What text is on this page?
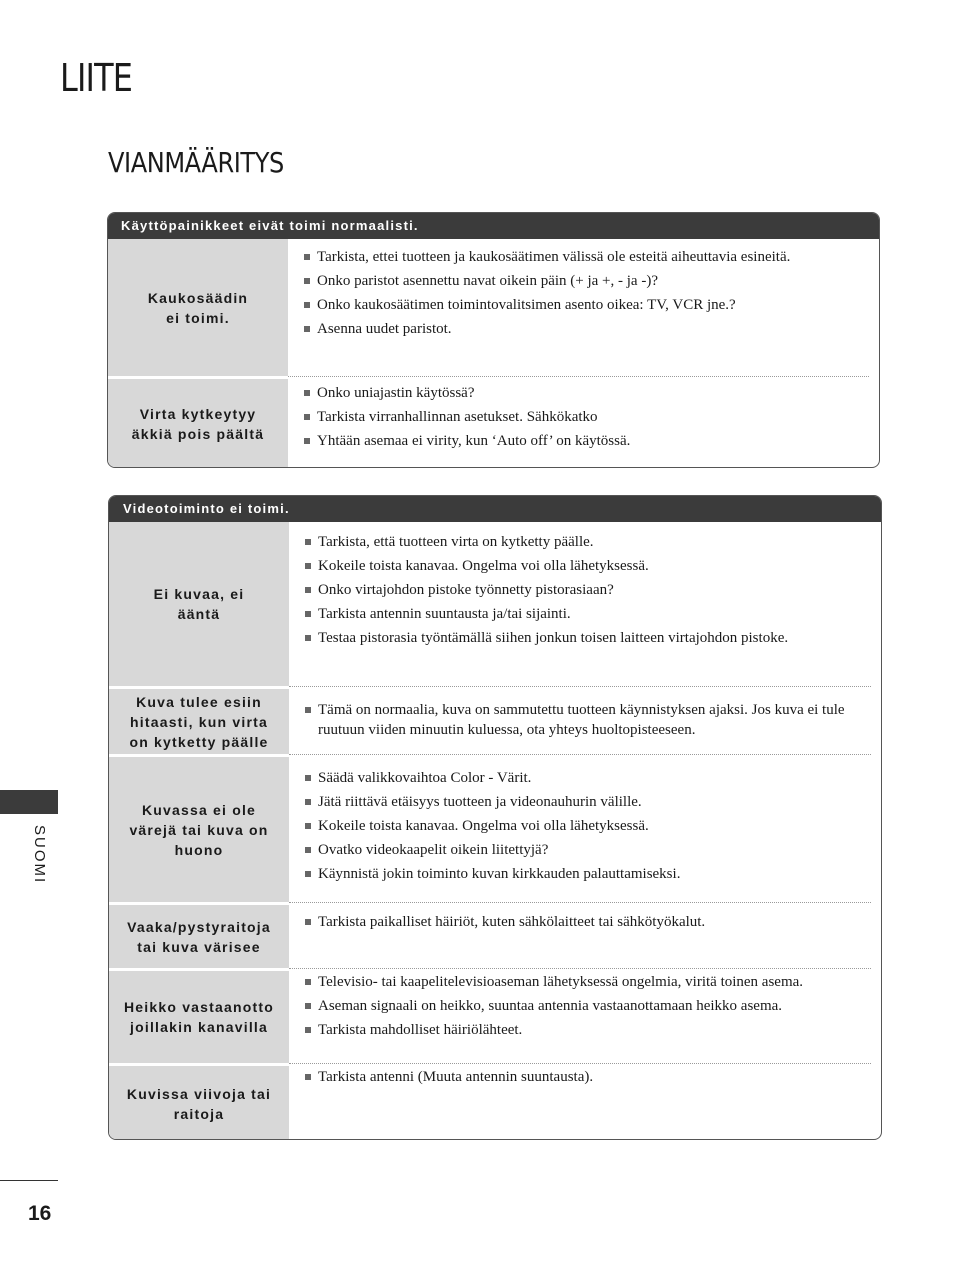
LIITE
VIANMÄÄRITYS
Käyttöpainikkeet eivät toimi normaalisti.
Kaukosäädin ei toimi.
Tarkista, ettei tuotteen ja kaukosäätimen välissä ole esteitä aiheuttavia esineitä.
Onko paristot asennettu navat oikein päin (+ ja +, - ja -)?
Onko kaukosäätimen toimintovalitsimen asento oikea: TV, VCR jne.?
Asenna uudet paristot.
Virta kytkeytyy äkkiä pois päältä
Onko uniajastin käytössä?
Tarkista virranhallinnan asetukset. Sähkökatko
Yhtään asemaa ei virity, kun ‘Auto off’ on käytössä.
Videotoiminto ei toimi.
Ei kuvaa, ei ääntä
Tarkista, että tuotteen virta on kytketty päälle.
Kokeile toista kanavaa. Ongelma voi olla lähetyksessä.
Onko virtajohdon pistoke työnnetty pistorasiaan?
Tarkista antennin suuntausta ja/tai sijainti.
Testaa pistorasia työntämällä siihen jonkun toisen laitteen virtajohdon pistoke.
Kuva tulee esiin hitaasti, kun virta on kytketty päälle
Tämä on normaalia, kuva on sammutettu tuotteen käynnistyksen ajaksi. Jos kuva ei tule ruutuun viiden minuutin kuluessa, ota yhteys huoltopisteeseen.
Kuvassa ei ole värejä tai kuva on huono
Säädä valikkovaihtoa Color - Värit.
Jätä riittävä etäisyys tuotteen ja videonauhurin välille.
Kokeile toista kanavaa. Ongelma voi olla lähetyksessä.
Ovatko videokaapelit oikein liitettyjä?
Käynnistä jokin toiminto kuvan kirkkauden palauttamiseksi.
Vaaka/pystyraitoja tai kuva värisee
Tarkista paikalliset häiriöt, kuten sähkölaitteet tai sähkötyökalut.
Heikko vastaanotto joillakin kanavilla
Televisio- tai kaapelitelevisioaseman lähetyksessä ongelmia, viritä toinen asema.
Aseman signaali on heikko, suuntaa antennia vastaanottamaan heikko asema.
Tarkista mahdolliset häiriölähteet.
Kuvissa viivoja tai raitoja
Tarkista antenni (Muuta antennin suuntausta).
SUOMI
16
